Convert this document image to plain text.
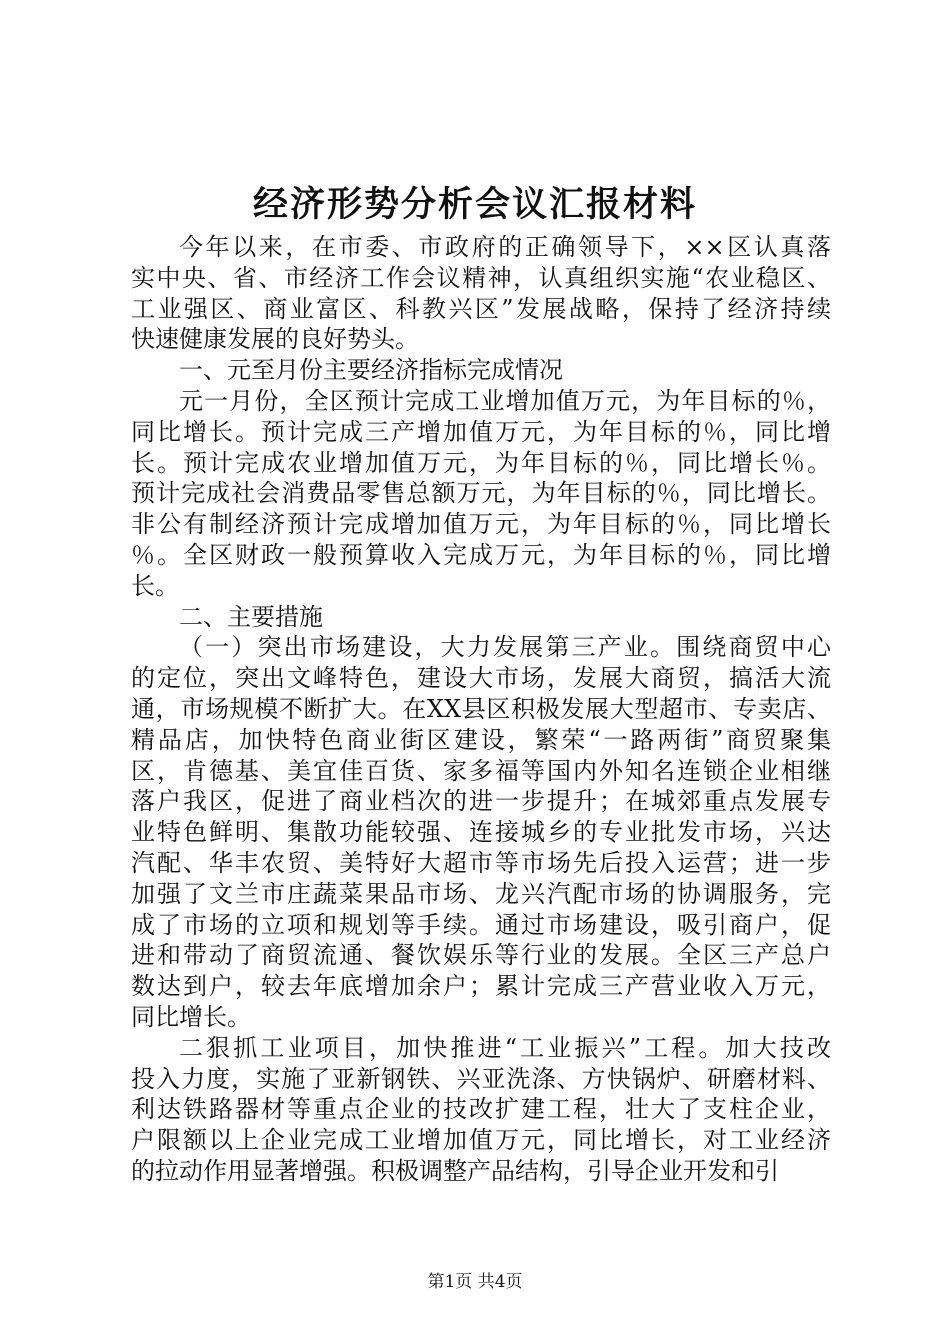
经济形势分析会议汇报材料

今年以来，在市委、市政府的正确领导下，××区认真落
实中央、省、市经济工作会议精神，认真组织实施“农业稳区、
工业强区、商业富区、科教兴区”发展战略，保持了经济持续
快速健康发展的良好势头。

一、元至月份主要经济指标完成情况

元一月份，全区预计完成工业增加值万元，为年目标的％，
同比增长。预计完成三产增加值万元，为年目标的％，同比增
长。预计完成农业增加值万元，为年目标的％，同比增长％。
预计完成社会消费品零售总额万元，为年目标的％，同比增长。
非公有制经济预计完成增加值万元，为年目标的％，同比增长
％。全区财政一般预算收入完成万元，为年目标的％，同比增
长。

二、主要措施

（一）突出市场建设，大力发展第三产业。围绕商贸中心
的定位，突出文峰特色，建设大市场，发展大商贸，搞活大流
通，市场规模不断扩大。在XX县区积极发展大型超市、专卖店、
精品店，加快特色商业街区建设，繁荣“一路两街”商贸聚集
区，肯德基、美宜佳百货、家多福等国内外知名连锁企业相继
落户我区，促进了商业档次的进一步提升；在城郊重点发展专
业特色鲜明、集散功能较强、连接城乡的专业批发市场，兴达
汽配、华丰农贸、美特好大超市等市场先后投入运营；进一步
加强了文兰市庄蔬菜果品市场、龙兴汽配市场的协调服务，完
成了市场的立项和规划等手续。通过市场建设，吸引商户，促
进和带动了商贸流通、餐饮娱乐等行业的发展。全区三产总户
数达到户，较去年底增加余户；累计完成三产营业收入万元，
同比增长。

二狠抓工业项目，加快推进“工业振兴”工程。加大技改
投入力度，实施了亚新钢铁、兴亚洗涤、方快锅炉、研磨材料、
利达铁路器材等重点企业的技改扩建工程，壮大了支柱企业，
户限额以上企业完成工业增加值万元，同比增长，对工业经济
的拉动作用显著增强。积极调整产品结构，引导企业开发和引

第1页 共4页
